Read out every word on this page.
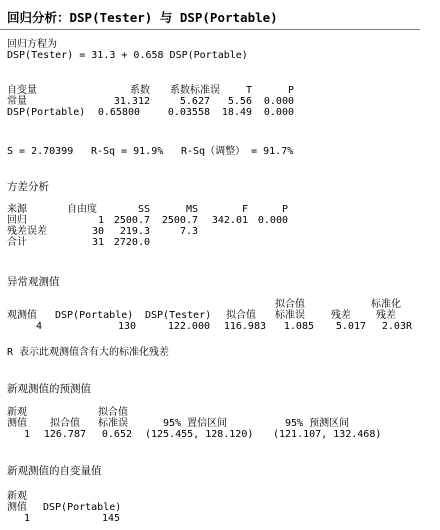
回归分析：DSP(Tester) 与 DSP(Portable)
回归方程为
DSP(Tester) = 31.3 + 0.658 DSP(Portable)
自变量	系数	系数标准误	T	P
常量	31.312	5.627	5.56	0.000
DSP(Portable)	0.65800	0.03558	18.49	0.000
S = 2.70399 R-Sq = 91.9% R-Sq（调整） = 91.7%
方差分析
来源	自由度	SS	MS	F	P
回归	1 2500.7	2500.7	342.01 0.000
残差误差	30	219.3	7.3
合计	31 2720.0
异常观测值
拟合值	标准化
观测值 DSP(Portable) DSP(Tester) 拟合值	标准误	残差	残差
4	130	122.000	116.983	1.085	5.017	2.03R
R 表示此观测值含有大的标准化残差
新观测值的预测值
新观	拟合值
测值 拟合值	标准误	95% 置信区间	95% 预测区间
1	126.787	0.652 (125.455, 128.120) (121.107, 132.468)
新观测值的自变量值
新观
测值 DSP(Portable)
1	145
